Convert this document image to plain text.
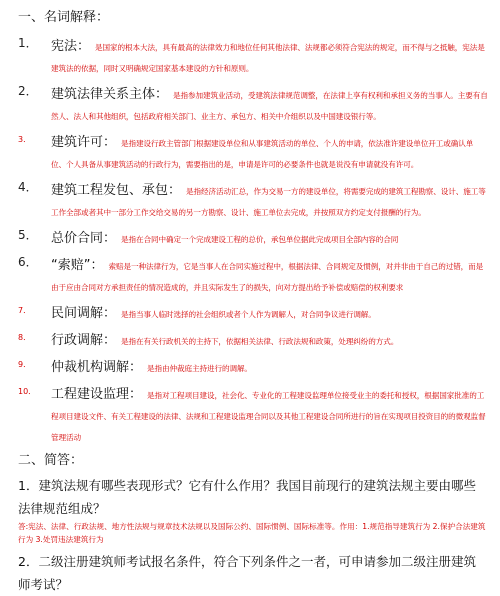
一、名词解释：
1．	宪法： 是国家的根本大法，具有最高的法律效力和地位任何其他法律、法规都必须符合宪法的规定，而不得与之抵触，宪法是建筑法的依据，同时又明确规定国家基本建设的方针和原则。
2．	建筑法律关系主体： 是指参加建筑业活动，受建筑法律规范调整，在法律上享有权利和承担义务的当事人。主要有自然人、法人和其他组织，包括政府相关部门、业主方、承包方、相关中介组织以及中国建设银行等。
3．	建筑许可： 是指建设行政主管部门根据建设单位和从事建筑活动的单位、个人的申请，依法准许建设单位开工或确认单位、个人具备从事建筑活动的行政行为，需要指出的是，申请是许可的必要条件也就是说没有申请就没有许可。
4．	建筑工程发包、承包： 是指经济活动汇总，作为交易一方的建设单位，将需要完成的建筑工程勘察、设计、施工等工作全部或者其中一部分工作交给交易的另一方勘察、设计、施工单位去完成，并按照双方约定支付报酬的行为。
5．	总价合同： 是指在合同中确定一个完成建设工程的总价，承包单位据此完成项目全部内容的合同
6．	“索赔”： 索赔是一种法律行为，它是当事人在合同实施过程中，根据法律、合同规定及惯例，对并非由于自己的过错，而是由于应由合同对方承担责任的情况造成的，并且实际发生了的损失，向对方提出给予补偿或赔偿的权利要求
7．	民间调解： 是指当事人临时选择的社会组织或者个人作为调解人，对合同争议进行调解。
8．	行政调解： 是指在有关行政机关的主持下，依据相关法律、行政法规和政策，处理纠纷的方式。
9．	仲裁机构调解： 是指由仲裁庭主持进行的调解。
10．	工程建设监理： 是指对工程项目建设，社会化、专业化的工程建设监理单位接受业主的委托和授权，根据国家批准的工程项目建设文件、有关工程建设的法律、法规和工程建设监理合同以及其他工程建设合同所进行的旨在实现项目投资目的的微观监督管理活动
二、简答：
1．建筑法规有哪些表现形式？它有什么作用？我国目前现行的建筑法规主要由哪些法律规范组成？
答:宪法、法律、行政法规、地方性法规与规章技术法规以及国际公约、国际惯例、国际标准等。作用：1.规范指导建筑行为 2.保护合法建筑行为 3.处罚违法建筑行为
2．二级注册建筑师考试报名条件，符合下列条件之一者，可申请参加二级注册建筑师考试？
